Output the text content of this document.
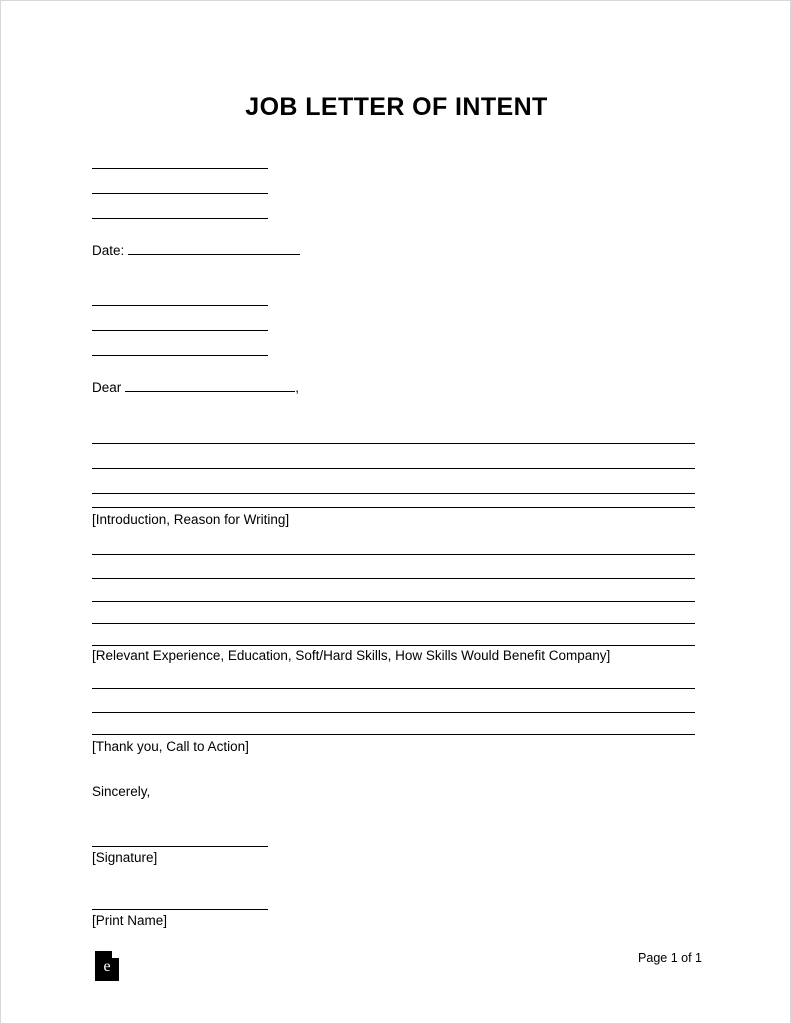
JOB LETTER OF INTENT
Date:
Dear	,
[Introduction, Reason for Writing]
[Relevant Experience, Education, Soft/Hard Skills, How Skills Would Benefit Company]
[Thank you, Call to Action]
Sincerely,
[Signature]
[Print Name]
Page 1 of 1
e
